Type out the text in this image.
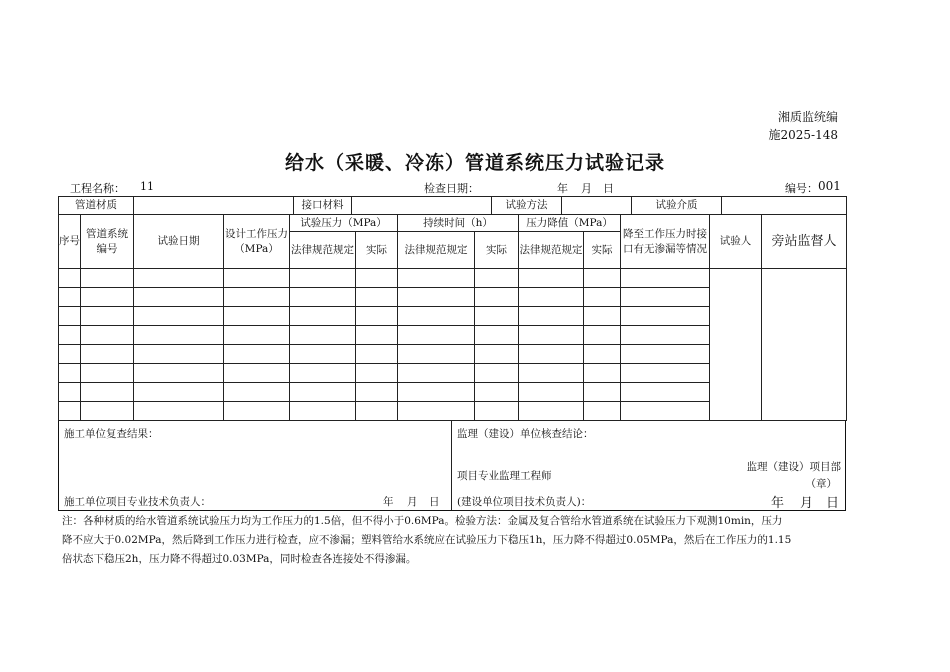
湘质监统编
施2025-148
给水（采暖、冷冻）管道系统压力试验记录
工程名称： 11	检查日期：	年 月 日	编号： 001
管道材质		接口材料		试验方法		试验介质	
序号	管道系统编号	试验日期	设计工作压力（MPa）	试验压力（MPa）		持续时间（h）		压力降值（MPa）		降至工作压力时接口有无渗漏等情况	试验人	旁站监督人
				法律规范规定	实际	法律规范规定	实际	法律规范规定	实际			

施工单位复查结果：	监理（建设）单位核查结论：
项目专业监理工程师
监理（建设）项目部
（章）
施工单位项目专业技术负责人：	年 月 日 (建设单位项目技术负责人)：	年 月 日
注：各种材质的给水管道系统试验压力均为工作压力的1.5倍，但不得小于0.6MPa。检验方法：金属及复合管给水管道系统在试验压力下观测10min，压力
降不应大于0.02MPa，然后降到工作压力进行检查，应不渗漏；塑料管给水系统应在试验压力下稳压1h，压力降不得超过0.05MPa，然后在工作压力的1.15
倍状态下稳压2h，压力降不得超过0.03MPa，同时检查各连接处不得渗漏。
